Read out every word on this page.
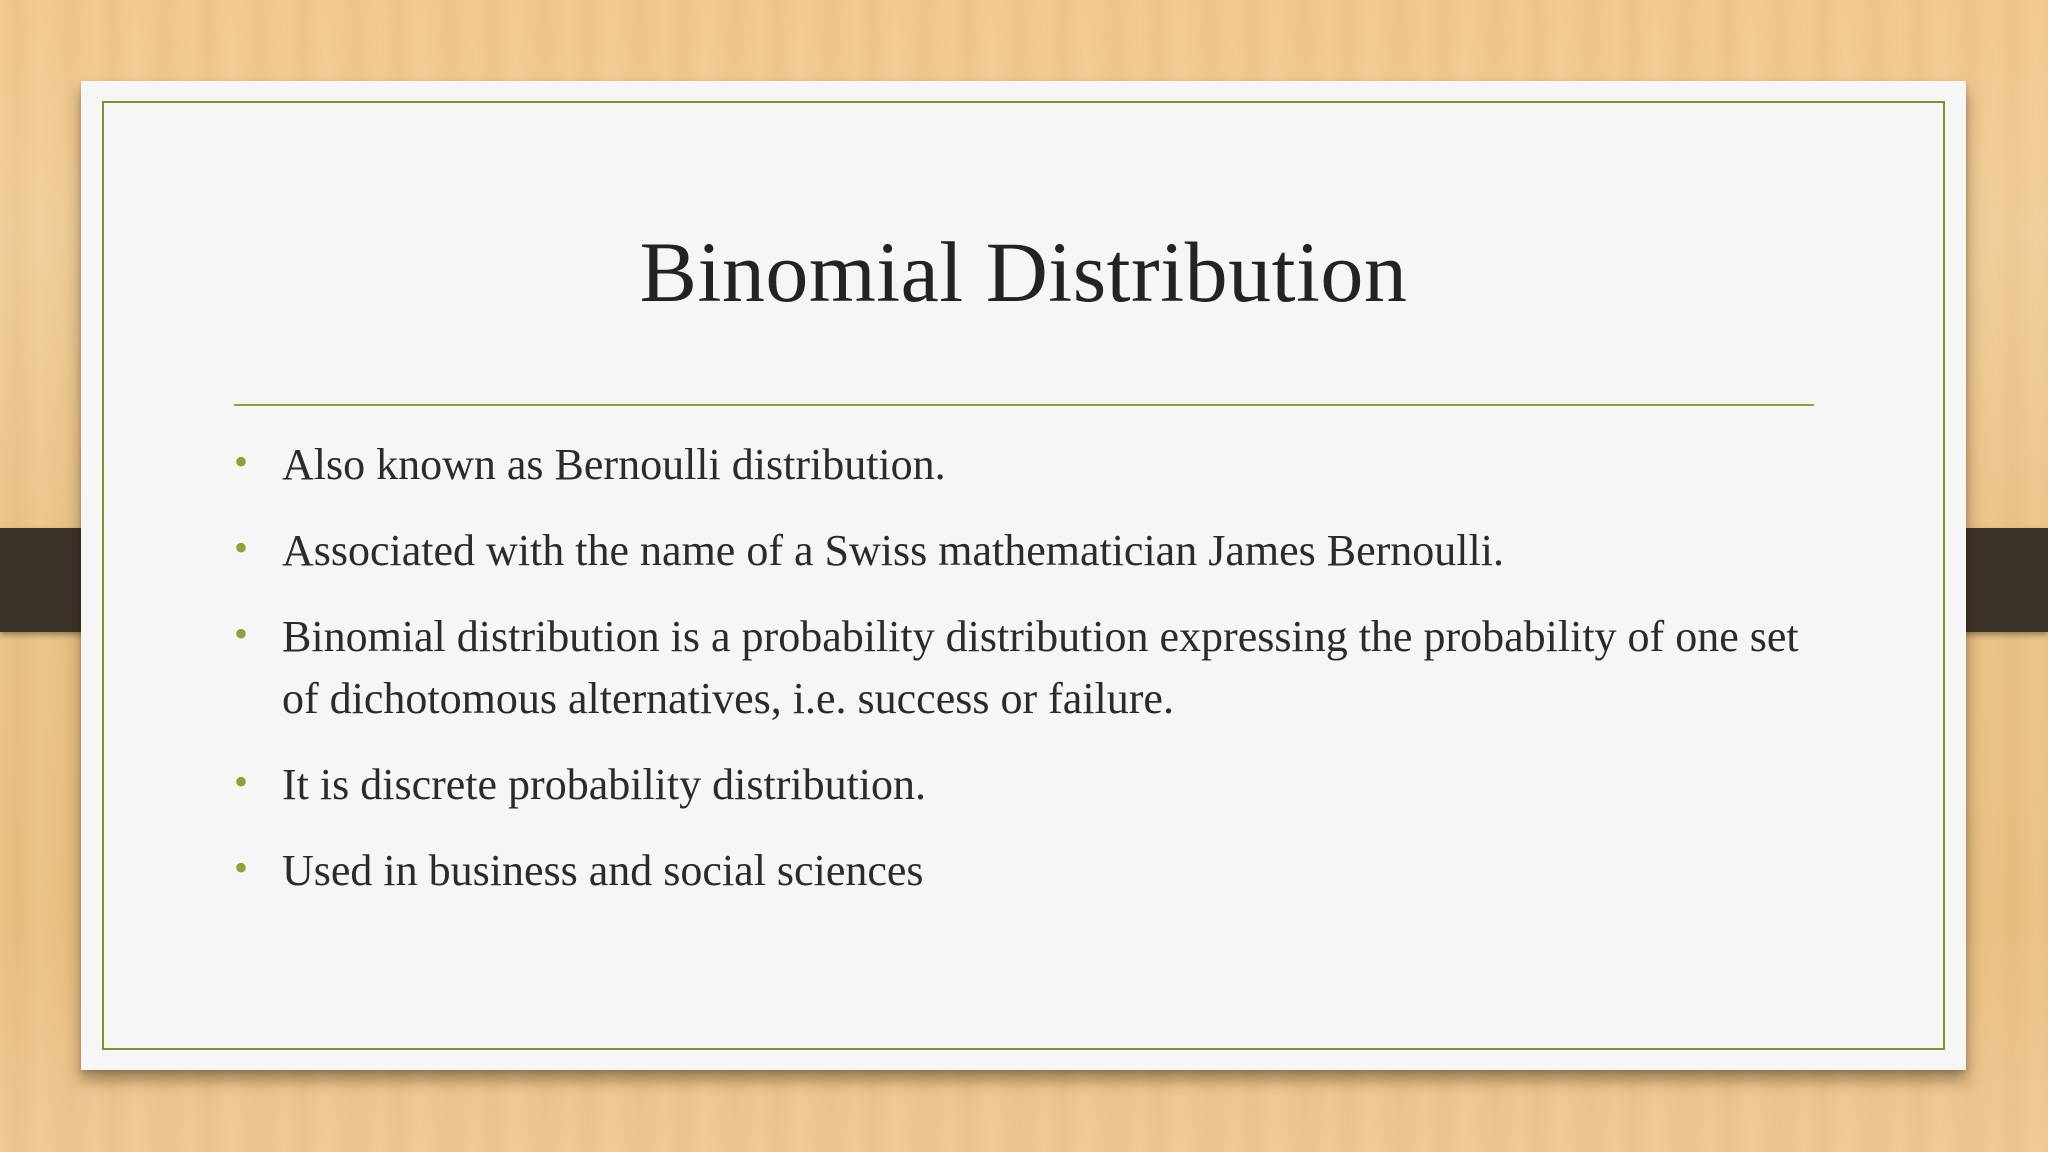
Binomial Distribution
• Also known as Bernoulli distribution.
• Associated with the name of a Swiss mathematician James Bernoulli.
• Binomial distribution is a probability distribution expressing the probability of one set of dichotomous alternatives, i.e. success or failure.
• It is discrete probability distribution.
• Used in business and social sciences
